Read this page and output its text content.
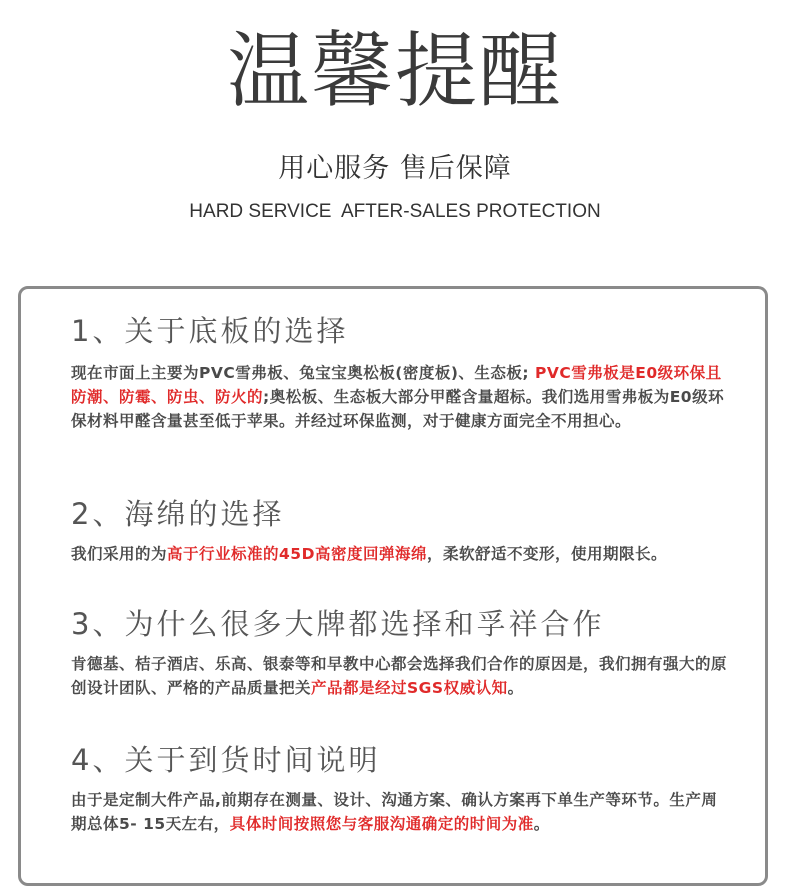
温馨提醒
用心服务 售后保障
HARD SERVICE  AFTER-SALES PROTECTION
1、关于底板的选择

现在市面上主要为PVC雪弗板、兔宝宝奥松板(密度板)、生态板; PVC雪弗板是E0级环保且防潮、防霉、防虫、防火的;奥松板、生态板大部分甲醛含量超标。我们选用雪弗板为E0级环保材料甲醛含量甚至低于苹果。并经过环保监测，对于健康方面完全不用担心。

2、海绵的选择

我们采用的为高于行业标准的45D高密度回弹海绵，柔软舒适不变形，使用期限长。

3、为什么很多大牌都选择和孚祥合作

肯德基、桔子酒店、乐高、银泰等和早教中心都会选择我们合作的原因是，我们拥有强大的原创设计团队、严格的产品质量把关产品都是经过SGS权威认知。

4、关于到货时间说明

由于是定制大件产品,前期存在测量、设计、沟通方案、确认方案再下单生产等环节。生产周期总体5- 15天左右，具体时间按照您与客服沟通确定的时间为准。
